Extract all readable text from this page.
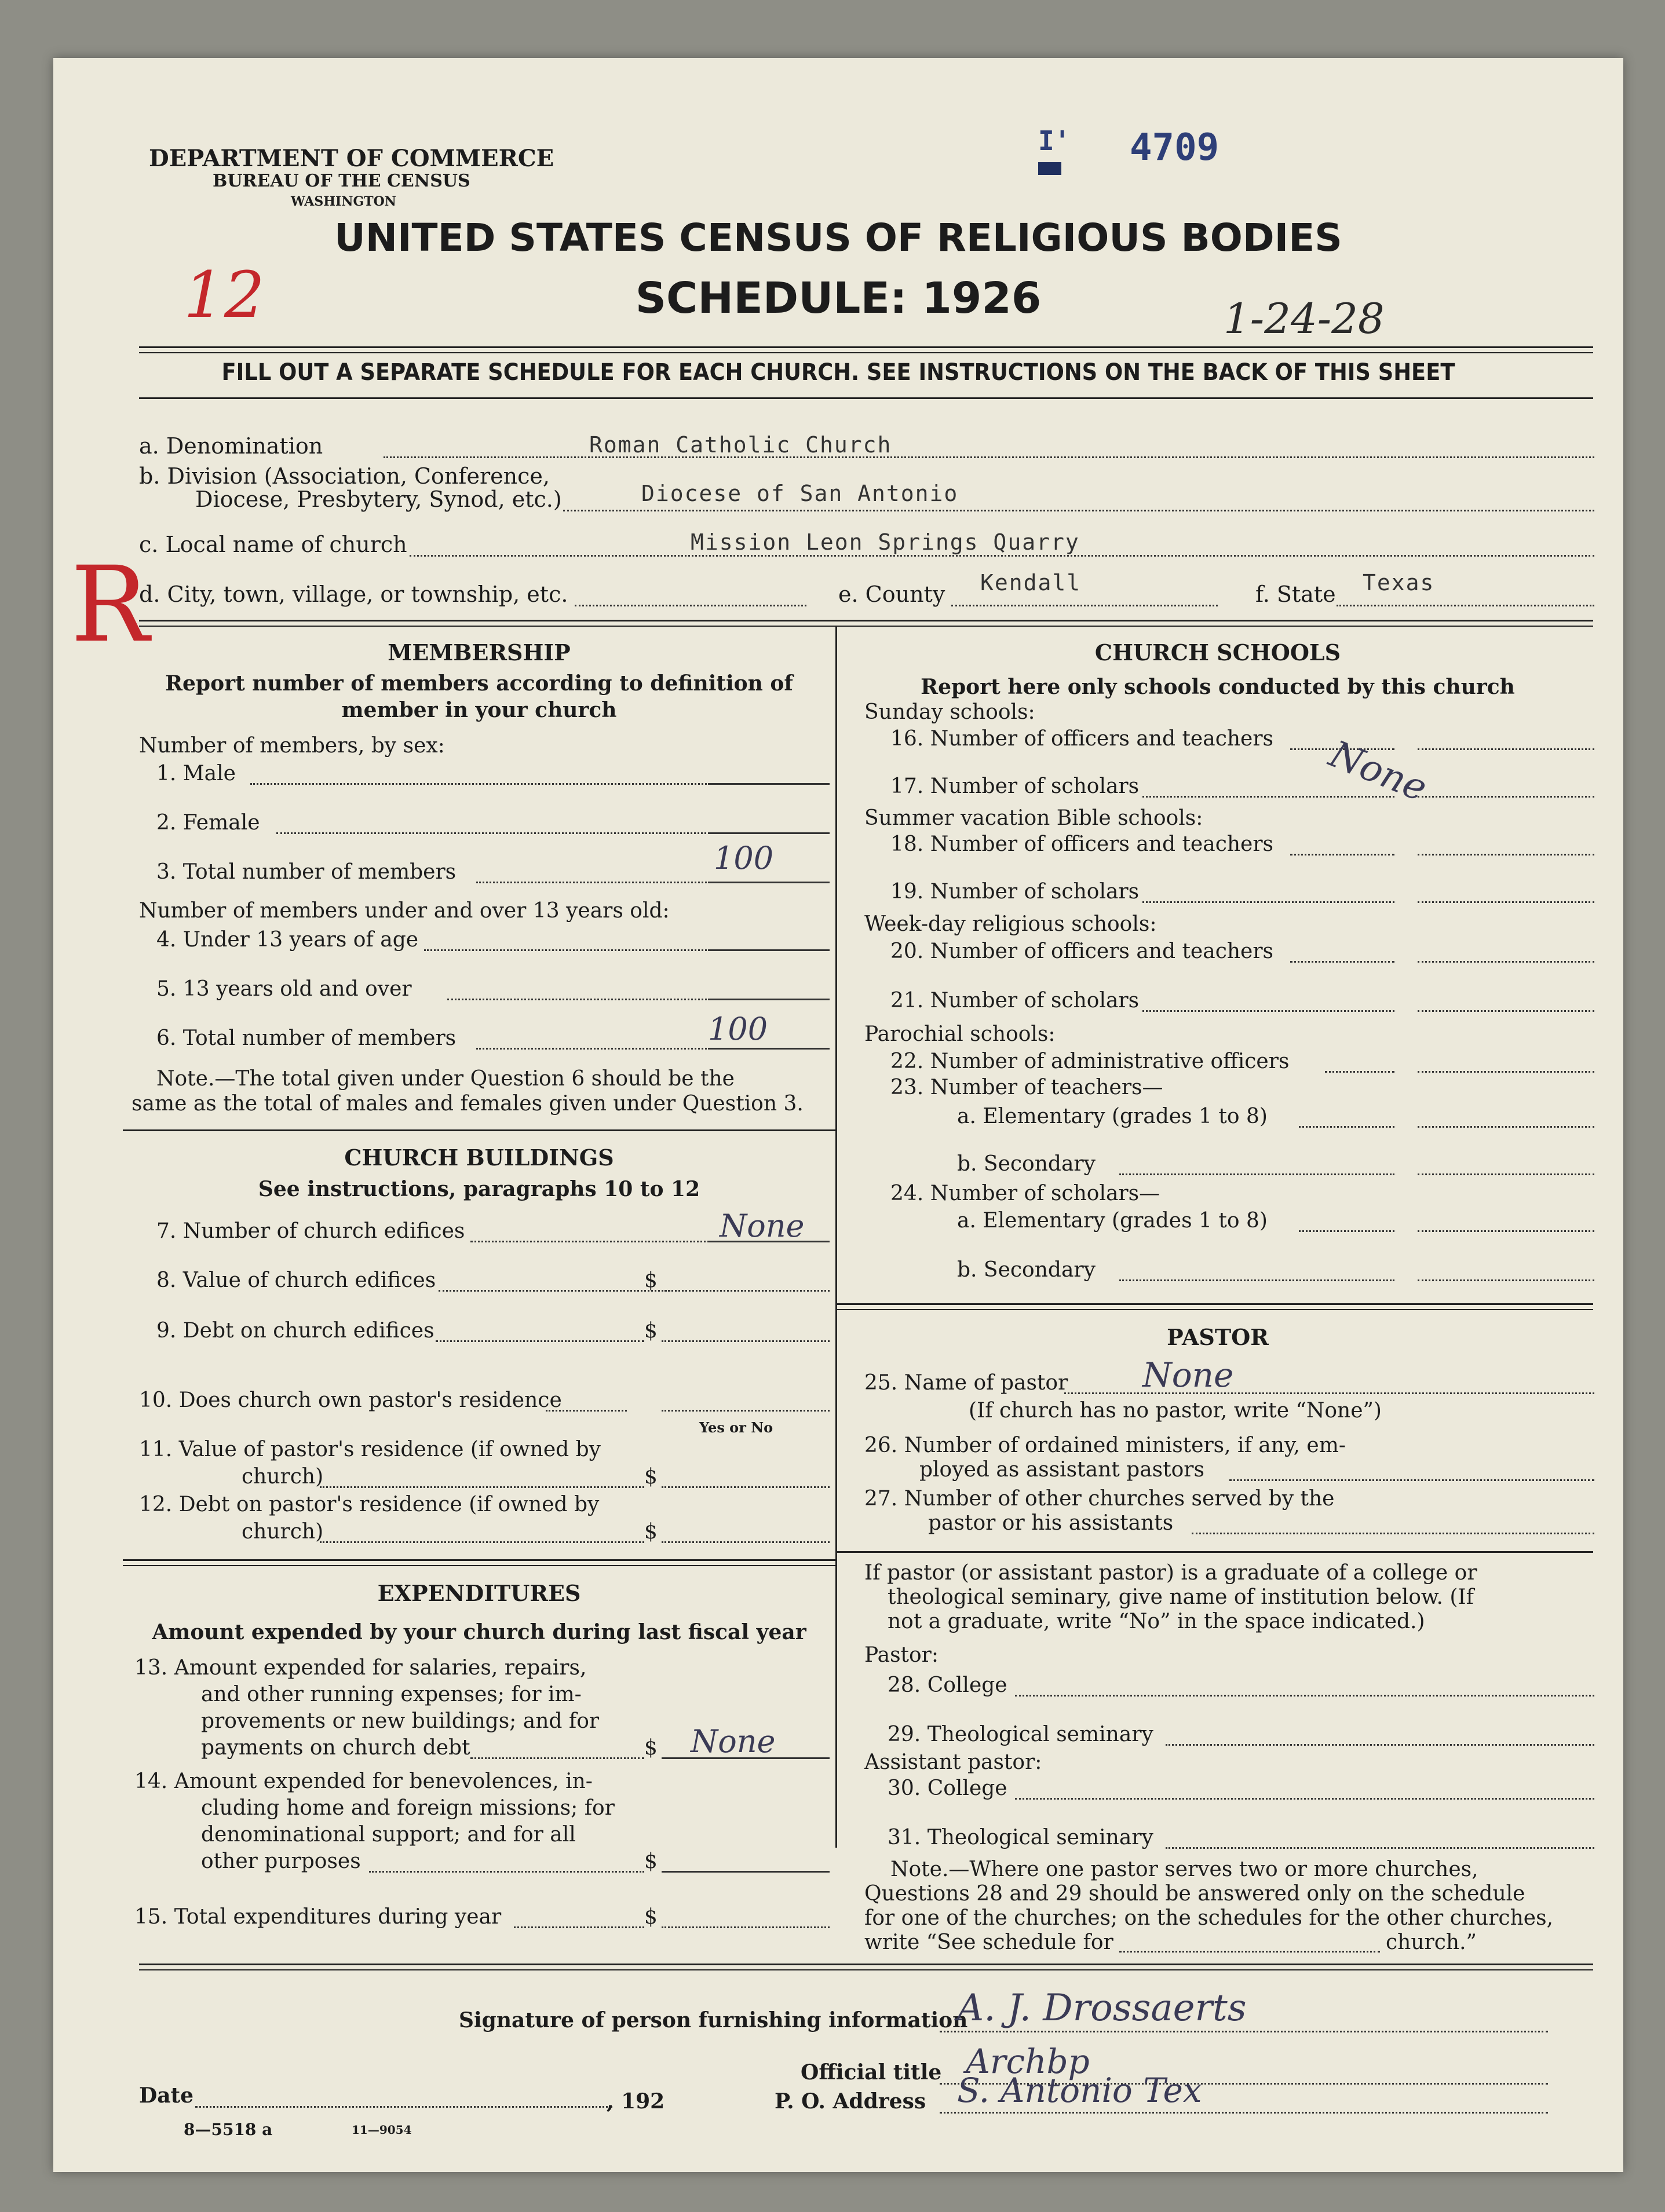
DEPARTMENT OF COMMERCE
BUREAU OF THE CENSUS
WASHINGTON
I' 4709
UNITED STATES CENSUS OF RELIGIOUS BODIES
SCHEDULE: 1926
12	1-24-28
R
FILL OUT A SEPARATE SCHEDULE FOR EACH CHURCH. SEE INSTRUCTIONS ON THE BACK OF THIS SHEET
a. Denomination	Roman Catholic Church
b. Division (Association, Conference,
Diocese, Presbytery, Synod, etc.)	Diocese of San Antonio
c. Local name of church	Mission Leon Springs Quarry
d. City, town, village, or township, etc.	e. County Kendall	f. State Texas
MEMBERSHIP
Report number of members according to definition of
member in your church
Number of members, by sex:
1. Male
2. Female
3. Total number of members	100
Number of members under and over 13 years old:
4. Under 13 years of age
5. 13 years old and over
6. Total number of members	100
Note.—The total given under Question 6 should be the
same as the total of males and females given under Question 3.
CHURCH BUILDINGS
See instructions, paragraphs 10 to 12
7. Number of church edifices	None
8. Value of church edifices	$
9. Debt on church edifices	$
10. Does church own pastor's residence
Yes or No
11. Value of pastor's residence (if owned by
church)	$
12. Debt on pastor's residence (if owned by
church)	$
EXPENDITURES
Amount expended by your church during last fiscal year
13. Amount expended for salaries, repairs,
and other running expenses; for im-
provements or new buildings; and for
payments on church debt	$ None
14. Amount expended for benevolences, in-
cluding home and foreign missions; for
denominational support; and for all
other purposes	$
15. Total expenditures during year	$
CHURCH SCHOOLS
Report here only schools conducted by this church
Sunday schools:
16. Number of officers and teachers
17. Number of scholars	None
Summer vacation Bible schools:
18. Number of officers and teachers
19. Number of scholars
Week-day religious schools:
20. Number of officers and teachers
21. Number of scholars
Parochial schools:
22. Number of administrative officers
23. Number of teachers—
a. Elementary (grades 1 to 8)
b. Secondary
24. Number of scholars—
a. Elementary (grades 1 to 8)
b. Secondary
PASTOR
25. Name of pastor None
(If church has no pastor, write “None”)
26. Number of ordained ministers, if any, em-
ployed as assistant pastors
27. Number of other churches served by the
pastor or his assistants
If pastor (or assistant pastor) is a graduate of a college or
theological seminary, give name of institution below. (If
not a graduate, write “No” in the space indicated.)
Pastor:
28. College
29. Theological seminary
Assistant pastor:
30. College
31. Theological seminary
Note.—Where one pastor serves two or more churches,
Questions 28 and 29 should be answered only on the schedule
for one of the churches; on the schedules for the other churches,
write “See schedule for	church.”
Signature of person furnishing information
A. J. Drossaerts
Official title Archbp
Date	, 192	P. O. Address S. Antonio Tex
8—5518 a	11—9054
